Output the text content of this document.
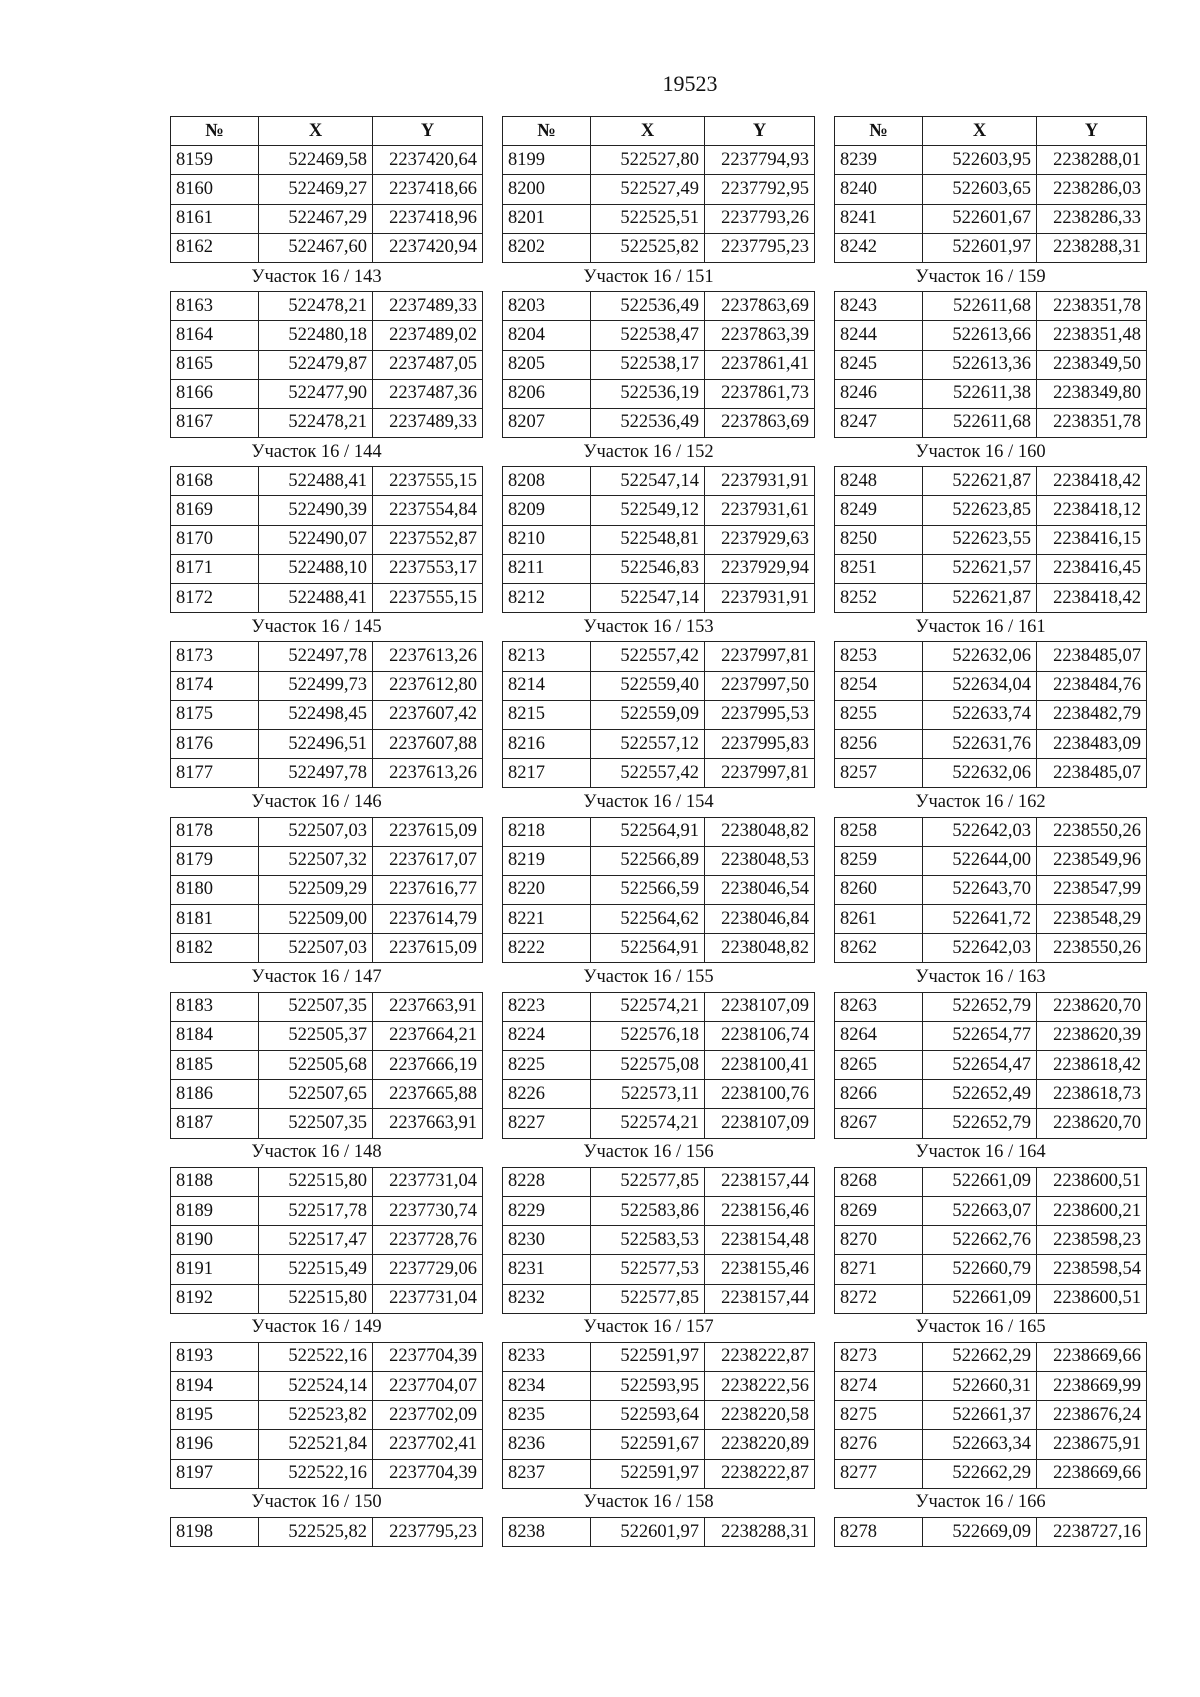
19523
№	X	Y
8159	522469,58	2237420,64
8160	522469,27	2237418,66
8161	522467,29	2237418,96
8162	522467,60	2237420,94
Участок 16 / 143		
8163	522478,21	2237489,33
8164	522480,18	2237489,02
8165	522479,87	2237487,05
8166	522477,90	2237487,36
8167	522478,21	2237489,33
Участок 16 / 144		
8168	522488,41	2237555,15
8169	522490,39	2237554,84
8170	522490,07	2237552,87
8171	522488,10	2237553,17
8172	522488,41	2237555,15
Участок 16 / 145		
8173	522497,78	2237613,26
8174	522499,73	2237612,80
8175	522498,45	2237607,42
8176	522496,51	2237607,88
8177	522497,78	2237613,26
Участок 16 / 146		
8178	522507,03	2237615,09
8179	522507,32	2237617,07
8180	522509,29	2237616,77
8181	522509,00	2237614,79
8182	522507,03	2237615,09
Участок 16 / 147		
8183	522507,35	2237663,91
8184	522505,37	2237664,21
8185	522505,68	2237666,19
8186	522507,65	2237665,88
8187	522507,35	2237663,91
Участок 16 / 148		
8188	522515,80	2237731,04
8189	522517,78	2237730,74
8190	522517,47	2237728,76
8191	522515,49	2237729,06
8192	522515,80	2237731,04
Участок 16 / 149		
8193	522522,16	2237704,39
8194	522524,14	2237704,07
8195	522523,82	2237702,09
8196	522521,84	2237702,41
8197	522522,16	2237704,39
Участок 16 / 150		
8198	522525,82	2237795,23
№	X	Y
8199	522527,80	2237794,93
8200	522527,49	2237792,95
8201	522525,51	2237793,26
8202	522525,82	2237795,23
Участок 16 / 151		
8203	522536,49	2237863,69
8204	522538,47	2237863,39
8205	522538,17	2237861,41
8206	522536,19	2237861,73
8207	522536,49	2237863,69
Участок 16 / 152		
8208	522547,14	2237931,91
8209	522549,12	2237931,61
8210	522548,81	2237929,63
8211	522546,83	2237929,94
8212	522547,14	2237931,91
Участок 16 / 153		
8213	522557,42	2237997,81
8214	522559,40	2237997,50
8215	522559,09	2237995,53
8216	522557,12	2237995,83
8217	522557,42	2237997,81
Участок 16 / 154		
8218	522564,91	2238048,82
8219	522566,89	2238048,53
8220	522566,59	2238046,54
8221	522564,62	2238046,84
8222	522564,91	2238048,82
Участок 16 / 155		
8223	522574,21	2238107,09
8224	522576,18	2238106,74
8225	522575,08	2238100,41
8226	522573,11	2238100,76
8227	522574,21	2238107,09
Участок 16 / 156		
8228	522577,85	2238157,44
8229	522583,86	2238156,46
8230	522583,53	2238154,48
8231	522577,53	2238155,46
8232	522577,85	2238157,44
Участок 16 / 157		
8233	522591,97	2238222,87
8234	522593,95	2238222,56
8235	522593,64	2238220,58
8236	522591,67	2238220,89
8237	522591,97	2238222,87
Участок 16 / 158		
8238	522601,97	2238288,31
№	X	Y
8239	522603,95	2238288,01
8240	522603,65	2238286,03
8241	522601,67	2238286,33
8242	522601,97	2238288,31
Участок 16 / 159		
8243	522611,68	2238351,78
8244	522613,66	2238351,48
8245	522613,36	2238349,50
8246	522611,38	2238349,80
8247	522611,68	2238351,78
Участок 16 / 160		
8248	522621,87	2238418,42
8249	522623,85	2238418,12
8250	522623,55	2238416,15
8251	522621,57	2238416,45
8252	522621,87	2238418,42
Участок 16 / 161		
8253	522632,06	2238485,07
8254	522634,04	2238484,76
8255	522633,74	2238482,79
8256	522631,76	2238483,09
8257	522632,06	2238485,07
Участок 16 / 162		
8258	522642,03	2238550,26
8259	522644,00	2238549,96
8260	522643,70	2238547,99
8261	522641,72	2238548,29
8262	522642,03	2238550,26
Участок 16 / 163		
8263	522652,79	2238620,70
8264	522654,77	2238620,39
8265	522654,47	2238618,42
8266	522652,49	2238618,73
8267	522652,79	2238620,70
Участок 16 / 164		
8268	522661,09	2238600,51
8269	522663,07	2238600,21
8270	522662,76	2238598,23
8271	522660,79	2238598,54
8272	522661,09	2238600,51
Участок 16 / 165		
8273	522662,29	2238669,66
8274	522660,31	2238669,99
8275	522661,37	2238676,24
8276	522663,34	2238675,91
8277	522662,29	2238669,66
Участок 16 / 166		
8278	522669,09	2238727,16
